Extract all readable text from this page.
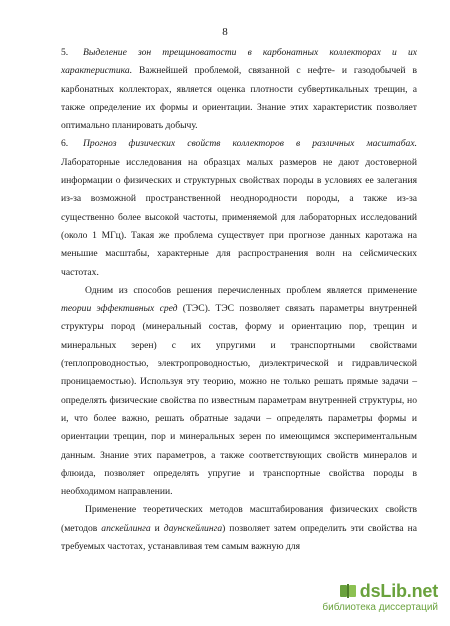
8

5. Выделение зон трещиноватости в карбонатных коллекторах и их характеристика. Важнейшей проблемой, связанной с нефте- и газодобычей в карбонатных коллекторах, является оценка плотности субвертикальных трещин, а также определение их формы и ориентации. Знание этих характеристик позволяет оптимально планировать добычу.

6. Прогноз физических свойств коллекторов в различных масштабах. Лабораторные исследования на образцах малых размеров не дают достоверной информации о физических и структурных свойствах породы в условиях ее залегания из-за возможной пространственной неоднородности породы, а также из-за существенно более высокой частоты, применяемой для лабораторных исследований (около 1 МГц). Такая же проблема существует при прогнозе данных каротажа на меньшие масштабы, характерные для распространения волн на сейсмических частотах.

Одним из способов решения перечисленных проблем является применение теории эффективных сред (ТЭС). ТЭС позволяет связать параметры внутренней структуры пород (минеральный состав, форму и ориентацию пор, трещин и минеральных зерен) с их упругими и транспортными свойствами (теплопроводностью, электропроводностью, диэлектрической и гидравлической проницаемостью). Используя эту теорию, можно не только решать прямые задачи – определять физические свойства по известным параметрам внутренней структуры, но и, что более важно, решать обратные задачи – определять параметры формы и ориентации трещин, пор и минеральных зерен по имеющимся экспериментальным данным. Знание этих параметров, а также соответствующих свойств минералов и флюида, позволяет определять упругие и транспортные свойства породы в необходимом направлении.

Применение теоретических методов масштабирования физических свойств (методов апскейлинга и даунскейлинга) позволяет затем определить эти свойства на требуемых частотах, устанавливая тем самым важную для

dsLib.net
библиотека диссертаций
